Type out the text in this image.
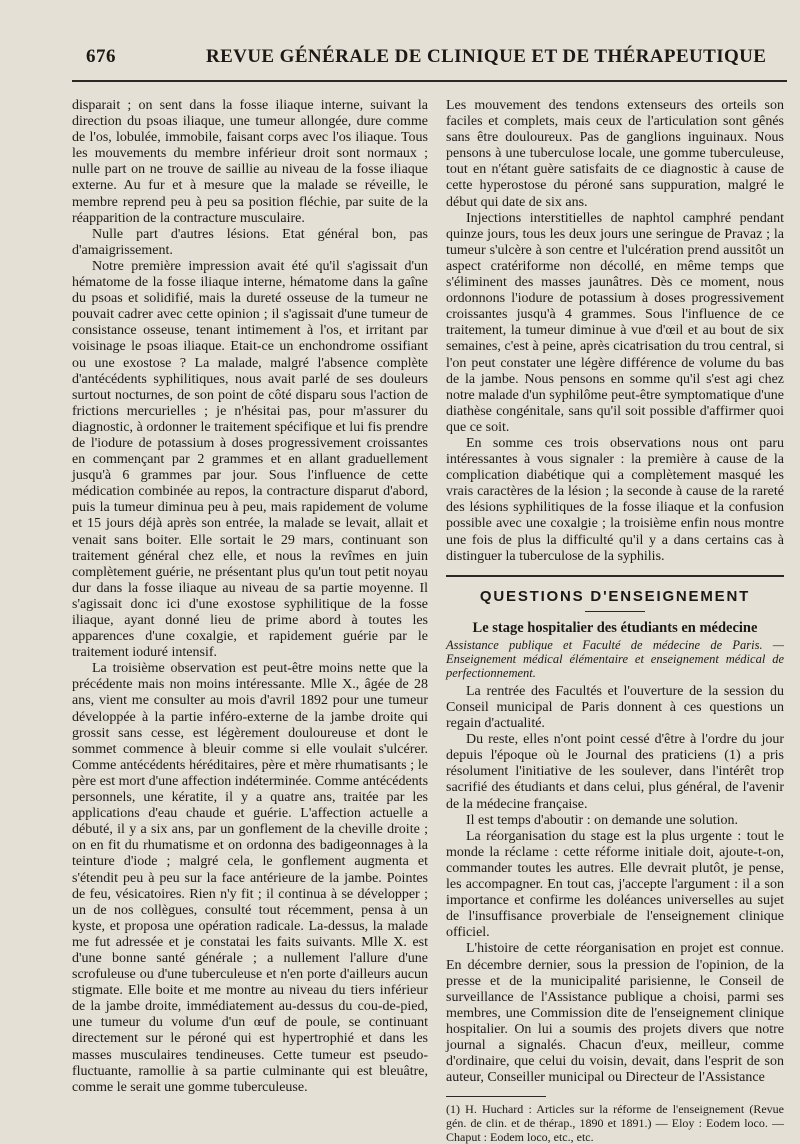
676	REVUE GÉNÉRALE DE CLINIQUE ET DE THÉRAPEUTIQUE

disparait ; on sent dans la fosse iliaque interne, suivant la direction du psoas iliaque, une tumeur allongée, dure comme de l'os, lobulée, immobile, faisant corps avec l'os iliaque. Tous les mouvements du membre inférieur droit sont normaux ; nulle part on ne trouve de saillie au niveau de la fosse iliaque externe. Au fur et à mesure que la malade se réveille, le membre reprend peu à peu sa position fléchie, par suite de la réapparition de la contracture musculaire.

Nulle part d'autres lésions. Etat général bon, pas d'amaigrissement.

Notre première impression avait été qu'il s'agissait d'un hématome de la fosse iliaque interne, hématome dans la gaîne du psoas et solidifié, mais la dureté osseuse de la tumeur ne pouvait cadrer avec cette opinion ; il s'agissait d'une tumeur de consistance osseuse, tenant intimement à l'os, et irritant par voisinage le psoas iliaque. Etait-ce un enchondrome ossifiant ou une exostose ? La malade, malgré l'absence complète d'antécédents syphilitiques, nous avait parlé de ses douleurs surtout nocturnes, de son point de côté disparu sous l'action de frictions mercurielles ; je n'hésitai pas, pour m'assurer du diagnostic, à ordonner le traitement spécifique et lui fis prendre de l'iodure de potassium à doses progressivement croissantes en commençant par 2 grammes et en allant graduellement jusqu'à 6 grammes par jour. Sous l'influence de cette médication combinée au repos, la contracture disparut d'abord, puis la tumeur diminua peu à peu, mais rapidement de volume et 15 jours déjà après son entrée, la malade se levait, allait et venait sans boiter. Elle sortait le 29 mars, continuant son traitement général chez elle, et nous la revîmes en juin complètement guérie, ne présentant plus qu'un tout petit noyau dur dans la fosse iliaque au niveau de sa partie moyenne. Il s'agissait donc ici d'une exostose syphilitique de la fosse iliaque, ayant donné lieu de prime abord à toutes les apparences d'une coxalgie, et rapidement guérie par le traitement ioduré intensif.

La troisième observation est peut-être moins nette que la précédente mais non moins intéressante. Mlle X., âgée de 28 ans, vient me consulter au mois d'avril 1892 pour une tumeur développée à la partie inféro-externe de la jambe droite qui grossit sans cesse, est légèrement douloureuse et dont le sommet commence à bleuir comme si elle voulait s'ulcérer. Comme antécédents héréditaires, père et mère rhumatisants ; le père est mort d'une affection indéterminée. Comme antécédents personnels, une kératite, il y a quatre ans, traitée par les applications d'eau chaude et guérie. L'affection actuelle a débuté, il y a six ans, par un gonflement de la cheville droite ; on en fit du rhumatisme et on ordonna des badigeonnages à la teinture d'iode ; malgré cela, le gonflement augmenta et s'étendit peu à peu sur la face antérieure de la jambe. Pointes de feu, vésicatoires. Rien n'y fit ; il continua à se développer ; un de nos collègues, consulté tout récemment, pensa à un kyste, et proposa une opération radicale. La-dessus, la malade me fut adressée et je constatai les faits suivants. Mlle X. est d'une bonne santé générale ; a nullement l'allure d'une scrofuleuse ou d'une tuberculeuse et n'en porte d'ailleurs aucun stigmate. Elle boite et me montre au niveau du tiers inférieur de la jambe droite, immédiatement au-dessus du cou-de-pied, une tumeur du volume d'un œuf de poule, se continuant directement sur le péroné qui est hypertrophié et dans les masses musculaires tendineuses. Cette tumeur est pseudo-fluctuante, ramollie à sa partie culminante qui est bleuâtre, comme le serait une gomme tuberculeuse.

Les mouvement des tendons extenseurs des orteils son faciles et complets, mais ceux de l'articulation sont gênés sans être douloureux. Pas de ganglions inguinaux. Nous pensons à une tuberculose locale, une gomme tuberculeuse, tout en n'étant guère satisfaits de ce diagnostic à cause de cette hyperostose du péroné sans suppuration, malgré le début qui date de six ans.

Injections interstitielles de naphtol camphré pendant quinze jours, tous les deux jours une seringue de Pravaz ; la tumeur s'ulcère à son centre et l'ulcération prend aussitôt un aspect cratériforme non décollé, en même temps que s'éliminent des masses jaunâtres. Dès ce moment, nous ordonnons l'iodure de potassium à doses progressivement croissantes jusqu'à 4 grammes. Sous l'influence de ce traitement, la tumeur diminue à vue d'œil et au bout de six semaines, c'est à peine, après cicatrisation du trou central, si l'on peut constater une légère différence de volume du bas de la jambe. Nous pensons en somme qu'il s'est agi chez notre malade d'un syphilôme peut-être symptomatique d'une diathèse congénitale, sans qu'il soit possible d'affirmer quoi que ce soit.

En somme ces trois observations nous ont paru intéressantes à vous signaler : la première à cause de la complication diabétique qui a complètement masqué les vrais caractères de la lésion ; la seconde à cause de la rareté des lésions syphilitiques de la fosse iliaque et la confusion possible avec une coxalgie ; la troisième enfin nous montre une fois de plus la difficulté qu'il y a dans certains cas à distinguer la tuberculose de la syphilis.

QUESTIONS D'ENSEIGNEMENT
Le stage hospitalier des étudiants en médecine
Assistance publique et Faculté de médecine de Paris. — Enseignement médical élémentaire et enseignement médical de perfectionnement.

La rentrée des Facultés et l'ouverture de la session du Conseil municipal de Paris donnent à ces questions un regain d'actualité.

Du reste, elles n'ont point cessé d'être à l'ordre du jour depuis l'époque où le Journal des praticiens (1) a pris résolument l'initiative de les soulever, dans l'intérêt trop sacrifié des étudiants et dans celui, plus général, de l'avenir de la médecine française.

Il est temps d'aboutir : on demande une solution.

La réorganisation du stage est la plus urgente : tout le monde la réclame : cette réforme initiale doit, ajoute-t-on, commander toutes les autres. Elle devrait plutôt, je pense, les accompagner. En tout cas, j'accepte l'argument : il a son importance et confirme les doléances universelles au sujet de l'insuffisance proverbiale de l'enseignement clinique officiel.

L'histoire de cette réorganisation en projet est connue. En décembre dernier, sous la pression de l'opinion, de la presse et de la municipalité parisienne, le Conseil de surveillance de l'Assistance publique a choisi, parmi ses membres, une Commission dite de l'enseignement clinique hospitalier. On lui a soumis des projets divers que notre journal a signalés. Chacun d'eux, meilleur, comme d'ordinaire, que celui du voisin, devait, dans l'esprit de son auteur, Conseiller municipal ou Directeur de l'Assistance

(1) H. Huchard : Articles sur la réforme de l'enseignement (Revue gén. de clin. et de thérap., 1890 et 1891.) — Eloy : Eodem loco. — Chaput : Eodem loco, etc., etc.
